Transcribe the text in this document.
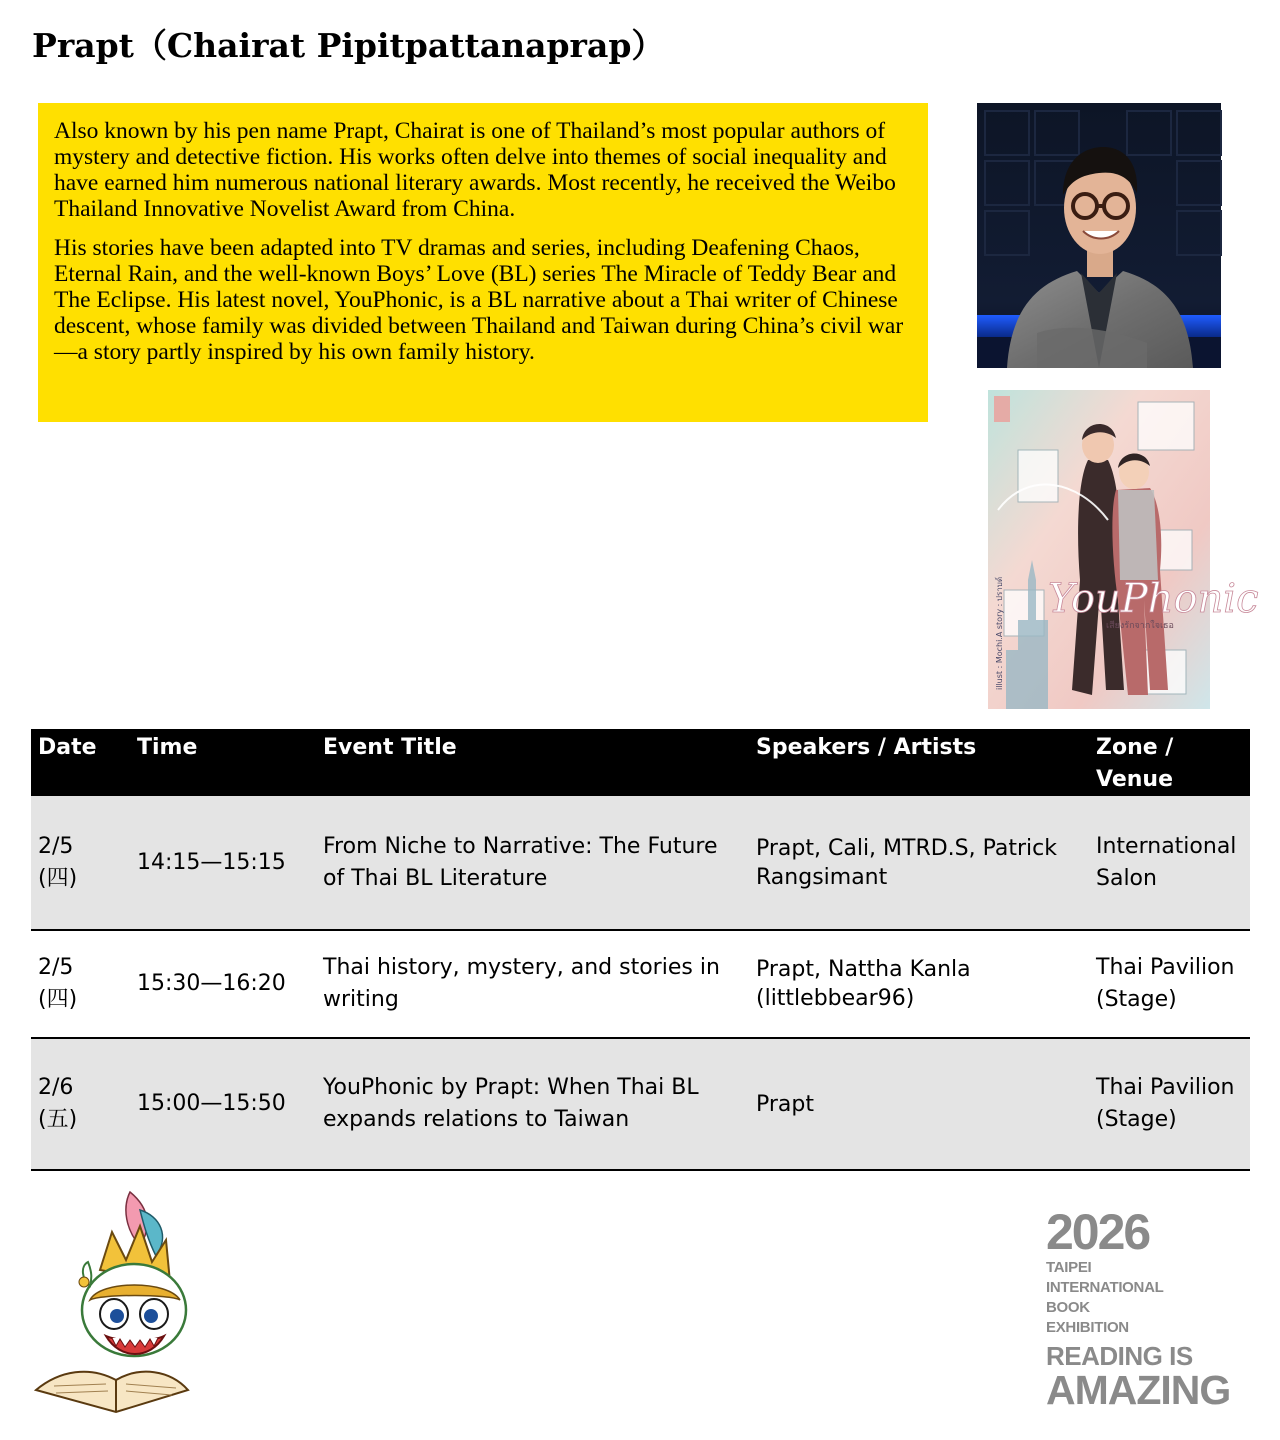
Prapt（Chairat Pipitpattanaprap）

Also known by his pen name Prapt, Chairat is one of Thailand’s most popular authors of mystery and detective fiction. His works often delve into themes of social inequality and have earned him numerous national literary awards. Most recently, he received the Weibo Thailand Innovative Novelist Award from China.

His stories have been adapted into TV dramas and series, including Deafening Chaos, Eternal Rain, and the well-known Boys’ Love (BL) series The Miracle of Teddy Bear and The Eclipse. His latest novel, YouPhonic, is a BL narrative about a Thai writer of Chinese descent, whose family was divided between Thailand and Taiwan during China’s civil war—a story partly inspired by his own family history.

YouPhonic
เสียงรักจากใจเธอ
illust : Mochi.A story : ปราบด์
Date	Time	Event Title	Speakers / Artists	Zone / Venue

2/5
(四)	14:15—15:15	From Niche to Narrative: The Future of Thai BL Literature	Prapt, Cali, MTRD.S, Patrick Rangsimant	International Salon

2/5
(四)	15:30—16:20	Thai history, mystery, and stories in writing	Prapt, Nattha Kanla (littlebbear96)	Thai Pavilion (Stage)

2/6
(五)	15:00—15:50	YouPhonic by Prapt: When Thai BL expands relations to Taiwan	Prapt	Thai Pavilion (Stage)
2026
TAIPEI
INTERNATIONAL
BOOK
EXHIBITION
READING IS
AMAZING
